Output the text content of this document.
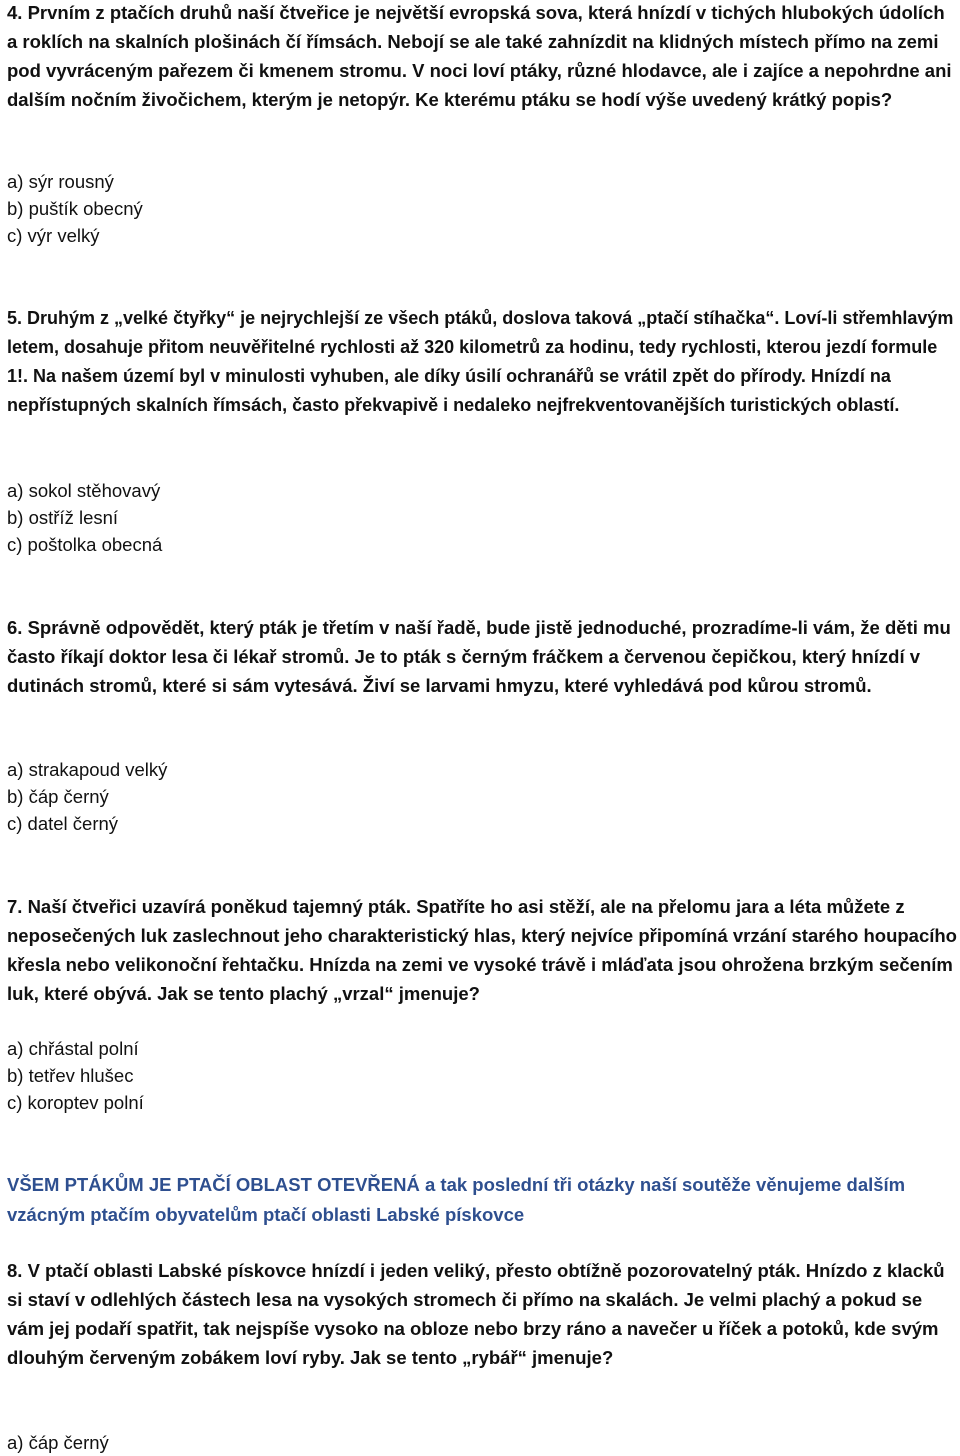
4. Prvním z ptačích druhů naší čtveřice je největší evropská sova, která hnízdí v tichých hlubokých údolích a roklích na skalních plošinách čí římsách. Nebojí se ale také zahnízdit na klidných místech přímo na zemi pod vyvráceným pařezem či kmenem stromu. V noci loví ptáky, různé hlodavce, ale i zajíce a nepohrdne ani dalším nočním živočichem, kterým je netopýr. Ke kterému ptáku se hodí výše uvedený krátký popis?

a) sýr rousný
b) puštík obecný
c) výr velký

5. Druhým z „velké čtyřky“ je nejrychlejší ze všech ptáků, doslova taková „ptačí stíhačka“. Loví-li střemhlavým letem, dosahuje přitom neuvěřitelné rychlosti až 320 kilometrů za hodinu, tedy rychlosti, kterou jezdí formule 1!. Na našem území byl v minulosti vyhuben, ale díky úsilí ochranářů se vrátil zpět do přírody. Hnízdí na nepřístupných skalních římsách, často překvapivě i nedaleko nejfrekventovanějších turistických oblastí.

a) sokol stěhovavý
b) ostříž lesní
c) poštolka obecná

6. Správně odpovědět, který pták je třetím v naší řadě, bude jistě jednoduché, prozradíme-li vám, že děti mu často říkají doktor lesa či lékař stromů. Je to pták s černým fráčkem a červenou čepičkou, který hnízdí v dutinách stromů, které si sám vytesává. Živí se larvami hmyzu, které vyhledává pod kůrou stromů.

a) strakapoud velký
b) čáp černý
c) datel černý

7. Naší čtveřici uzavírá poněkud tajemný pták. Spatříte ho asi stěží, ale na přelomu jara a léta můžete z neposečených luk zaslechnout jeho charakteristický hlas, který nejvíce připomíná vrzání starého houpacího křesla nebo velikonoční řehtačku. Hnízda na zemi ve vysoké trávě i mláďata jsou ohrožena brzkým sečením luk, které obývá. Jak se tento plachý „vrzal“ jmenuje?

a) chřástal polní
b) tetřev hlušec
c) koroptev polní

VŠEM PTÁKŮM JE PTAČÍ OBLAST OTEVŘENÁ a tak poslední tři otázky naší soutěže věnujeme dalším vzácným ptačím obyvatelům ptačí oblasti Labské pískovce

8. V ptačí oblasti Labské pískovce hnízdí i jeden veliký, přesto obtížně pozorovatelný pták. Hnízdo z klacků si staví v odlehlých částech lesa na vysokých stromech či přímo na skalách. Je velmi plachý a pokud se vám jej podaří spatřit, tak nejspíše vysoko na obloze nebo brzy ráno a navečer u říček a potoků, kde svým dlouhým červeným zobákem loví ryby. Jak se tento „rybář“ jmenuje?

a) čáp černý
